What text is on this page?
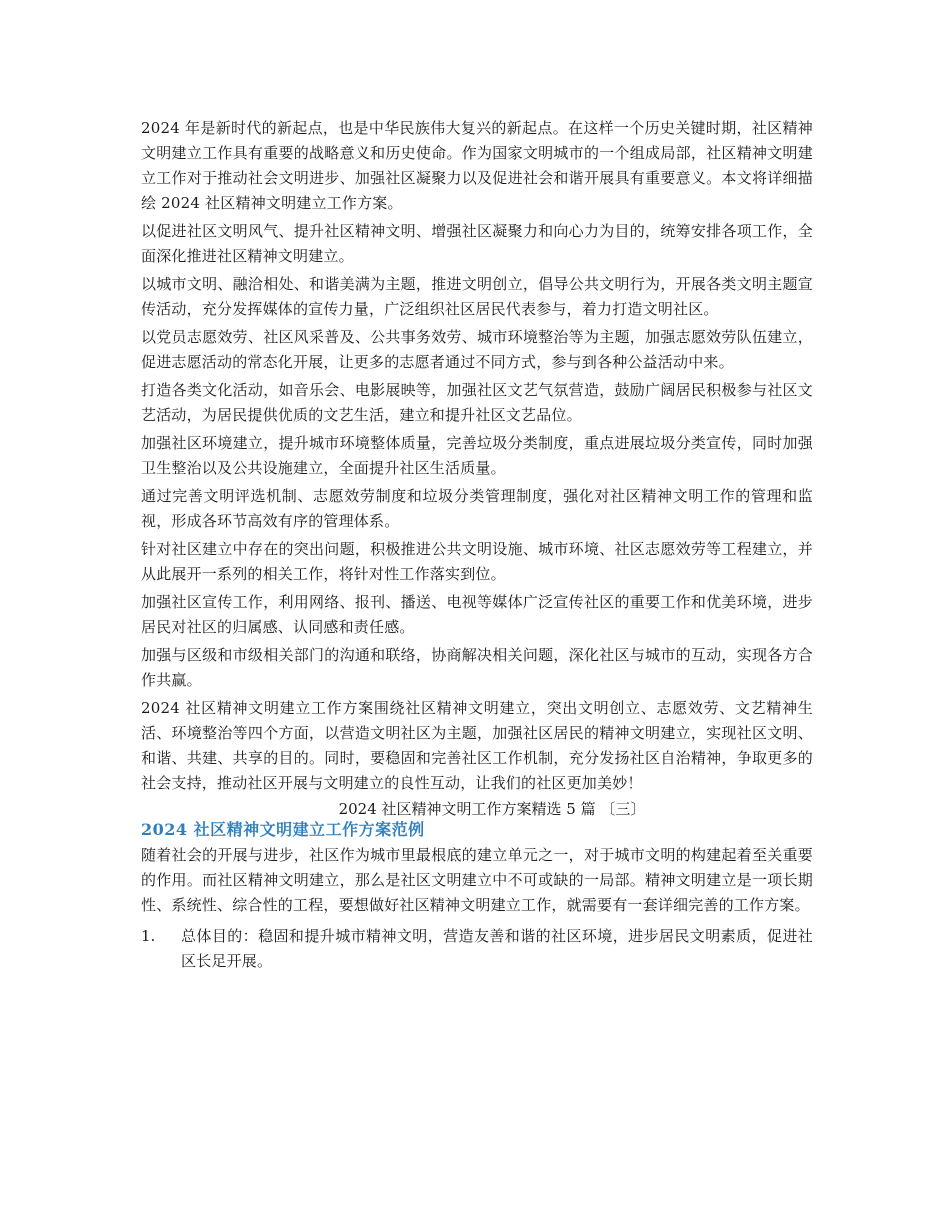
2024 年是新时代的新起点，也是中华民族伟大复兴的新起点。在这样一个历史关键时期，社区精神文明建立工作具有重要的战略意义和历史使命。作为国家文明城市的一个组成局部，社区精神文明建立工作对于推动社会文明进步、加强社区凝聚力以及促进社会和谐开展具有重要意义。本文将详细描绘 2024 社区精神文明建立工作方案。

以促进社区文明风气、提升社区精神文明、增强社区凝聚力和向心力为目的，统筹安排各项工作，全面深化推进社区精神文明建立。

以城市文明、融洽相处、和谐美满为主题，推进文明创立，倡导公共文明行为，开展各类文明主题宣传活动，充分发挥媒体的宣传力量，广泛组织社区居民代表参与，着力打造文明社区。

以党员志愿效劳、社区风采普及、公共事务效劳、城市环境整治等为主题，加强志愿效劳队伍建立，促进志愿活动的常态化开展，让更多的志愿者通过不同方式，参与到各种公益活动中来。

打造各类文化活动，如音乐会、电影展映等，加强社区文艺气氛营造，鼓励广阔居民积极参与社区文艺活动，为居民提供优质的文艺生活，建立和提升社区文艺品位。

加强社区环境建立，提升城市环境整体质量，完善垃圾分类制度，重点进展垃圾分类宣传，同时加强卫生整治以及公共设施建立，全面提升社区生活质量。

通过完善文明评选机制、志愿效劳制度和垃圾分类管理制度，强化对社区精神文明工作的管理和监视，形成各环节高效有序的管理体系。

针对社区建立中存在的突出问题，积极推进公共文明设施、城市环境、社区志愿效劳等工程建立，并从此展开一系列的相关工作，将针对性工作落实到位。

加强社区宣传工作，利用网络、报刊、播送、电视等媒体广泛宣传社区的重要工作和优美环境，进步居民对社区的归属感、认同感和责任感。

加强与区级和市级相关部门的沟通和联络，协商解决相关问题，深化社区与城市的互动，实现各方合作共赢。

2024 社区精神文明建立工作方案围绕社区精神文明建立，突出文明创立、志愿效劳、文艺精神生活、环境整治等四个方面，以营造文明社区为主题，加强社区居民的精神文明建立，实现社区文明、和谐、共建、共享的目的。同时，要稳固和完善社区工作机制，充分发扬社区自治精神，争取更多的社会支持，推动社区开展与文明建立的良性互动，让我们的社区更加美妙！

2024 社区精神文明工作方案精选 5 篇 〔三〕

2024 社区精神文明建立工作方案范例

随着社会的开展与进步，社区作为城市里最根底的建立单元之一，对于城市文明的构建起着至关重要的作用。而社区精神文明建立，那么是社区文明建立中不可或缺的一局部。精神文明建立是一项长期性、系统性、综合性的工程，要想做好社区精神文明建立工作，就需要有一套详细完善的工作方案。

1.	总体目的：稳固和提升城市精神文明，营造友善和谐的社区环境，进步居民文明素质，促进社区长足开展。
